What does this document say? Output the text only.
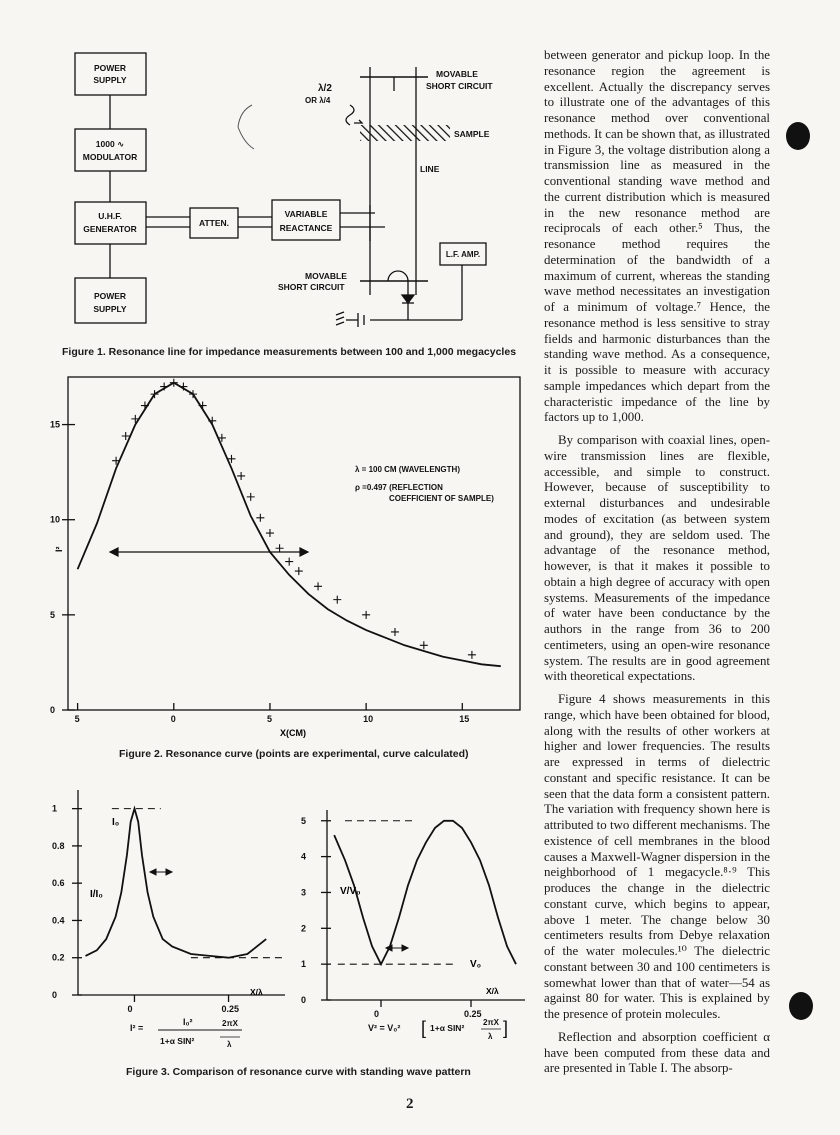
POWER
SUPPLY
1000 ∿
MODULATOR
U.H.F.
GENERATOR
ATTEN.
VARIABLE
REACTANCE
POWER
SUPPLY
L.F. AMP.
MOVABLE
SHORT CIRCUIT
λ/2
OR λ/4
SAMPLE
LINE
MOVABLE
SHORT CIRCUIT
Figure 1. Resonance line for impedance measurements between 100 and 1,000 megacycles
5	0	5	10	15
0
5
10
15
λ = 100 CM (WAVELENGTH)
ρ =0.497 (REFLECTION
COEFFICIENT OF SAMPLE)
I²
X(CM)
Figure 2. Resonance curve (points are experimental, curve calculated)
0
0.2
0.4
0.6
0.8
1
0	0.25
I/I₀
I₀
X/λ
I² =
I₀²
1+α SIN²
2πX
λ
0
1
2
3
4
5
0	0.25
V/V₀
V₀
X/λ
V² = V₀² [ 1+α SIN²
2πX
λ ]
Figure 3. Comparison of resonance curve with standing wave pattern

between generator and pickup loop. In the resonance region the agreement is excellent. Actually the discrepancy serves to illustrate one of the advantages of this resonance method over conventional methods. It can be shown that, as illustrated in Figure 3, the voltage distribution along a transmission line as measured in the conventional standing wave method and the current distribution which is measured in the new resonance method are reciprocals of each other.⁵ Thus, the resonance method requires the determination of the bandwidth of a maximum of current, whereas the standing wave method necessitates an investigation of a minimum of voltage.⁷ Hence, the resonance method is less sensitive to stray fields and harmonic disturbances than the standing wave method. As a consequence, it is possible to measure with accuracy sample impedances which depart from the characteristic impedance of the line by factors up to 1,000.

By comparison with coaxial lines, open-wire transmission lines are flexible, accessible, and simple to construct. However, because of susceptibility to external disturbances and undesirable modes of excitation (as between system and ground), they are seldom used. The advantage of the resonance method, however, is that it makes it possible to obtain a high degree of accuracy with open systems. Measurements of the impedance of water have been conductance by the authors in the range from 36 to 200 centimeters, using an open-wire resonance system. The results are in good agreement with theoretical expectations.

Figure 4 shows measurements in this range, which have been obtained for blood, along with the results of other workers at higher and lower frequencies. The results are expressed in terms of dielectric constant and specific resistance. It can be seen that the data form a consistent pattern. The variation with frequency shown here is attributed to two different mechanisms. The existence of cell membranes in the blood causes a Maxwell-Wagner dispersion in the neighborhood of 1 megacycle.⁸·⁹ This produces the change in the dielectric constant curve, which begins to appear, above 1 meter. The change below 30 centimeters results from Debye relaxation of the water molecules.¹⁰ The dielectric constant between 30 and 100 centimeters is somewhat lower than that of water—54 as against 80 for water. This is explained by the presence of protein molecules.

Reflection and absorption coefficient α have been computed from these data and are presented in Table I. The absorp-

2
